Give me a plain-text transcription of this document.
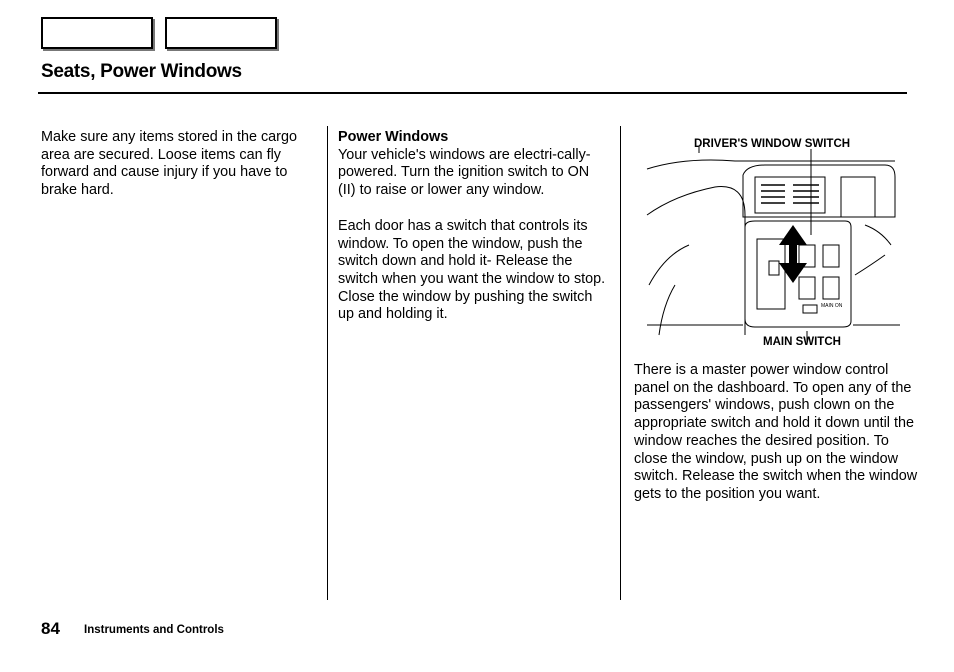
Seats, Power Windows

Make sure any items stored in the cargo area are secured. Loose items can fly forward and cause injury if you have to brake hard.

Power Windows

Your vehicle's windows are electri-cally-powered. Turn the ignition switch to ON (II) to raise or lower any window.

Each door has a switch that controls its window. To open the window, push the switch down and hold it- Release the switch when you want the window to stop. Close the window by pushing the switch up and holding it.

MAIN ON
DRIVER'S WINDOW SWITCH
MAIN SWITCH

There is a master power window control panel on the dashboard. To open any of the passengers' windows, push clown on the appropriate switch and hold it down until the window reaches the desired position. To close the window, push up on the window switch. Release the switch when the window gets to the position you want.

84 Instruments and Controls
